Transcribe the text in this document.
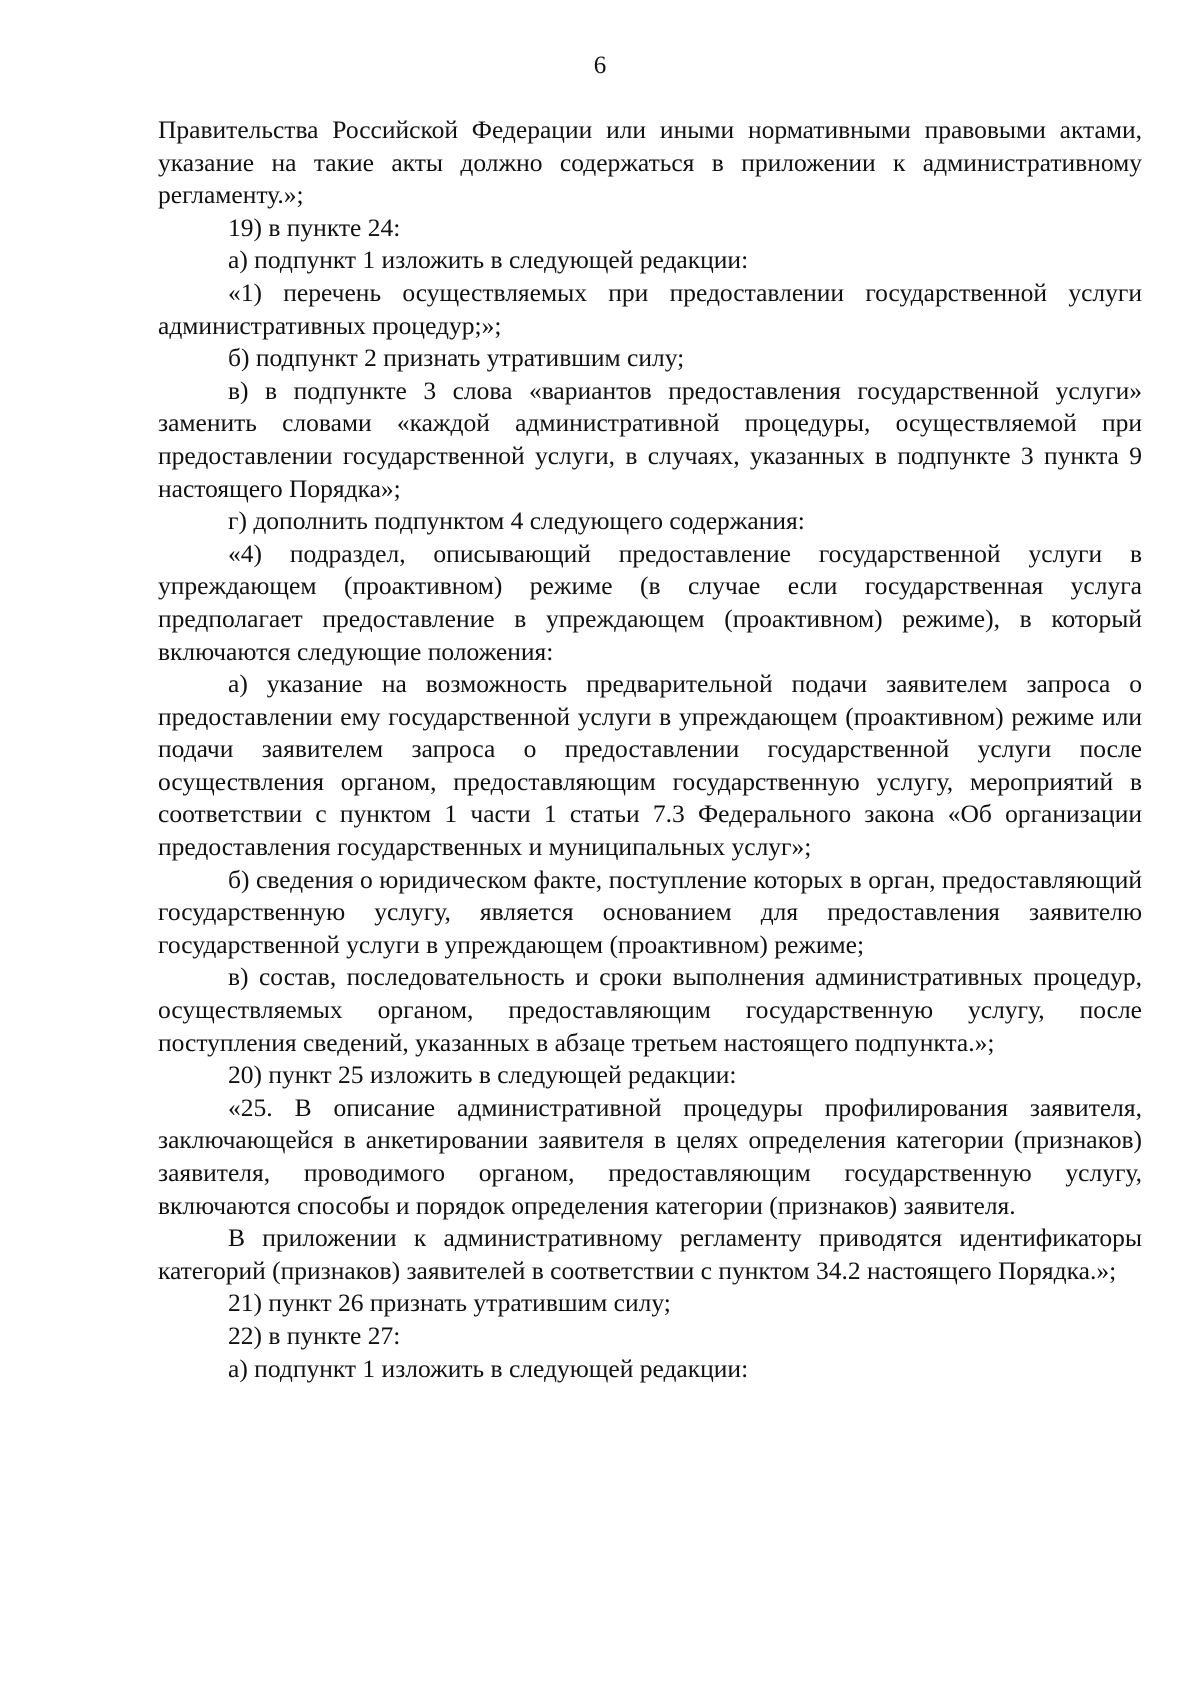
6

Правительства Российской Федерации или иными нормативными правовыми актами, указание на такие акты должно содержаться в приложении к административному регламенту.»;

19) в пункте 24:

а) подпункт 1 изложить в следующей редакции:

«1) перечень осуществляемых при предоставлении государственной услуги административных процедур;»;

б) подпункт 2 признать утратившим силу;

в) в подпункте 3 слова «вариантов предоставления государственной услуги» заменить словами «каждой административной процедуры, осуществляемой при предоставлении государственной услуги, в случаях, указанных в подпункте 3 пункта 9 настоящего Порядка»;

г) дополнить подпунктом 4 следующего содержания:

«4) подраздел, описывающий предоставление государственной услуги в упреждающем (проактивном) режиме (в случае если государственная услуга предполагает предоставление в упреждающем (проактивном) режиме), в который включаются следующие положения:

а) указание на возможность предварительной подачи заявителем запроса о предоставлении ему государственной услуги в упреждающем (проактивном) режиме или подачи заявителем запроса о предоставлении государственной услуги после осуществления органом, предоставляющим государственную услугу, мероприятий в соответствии с пунктом 1 части 1 статьи 7.3 Федерального закона «Об организации предоставления государственных и муниципальных услуг»;

б) сведения о юридическом факте, поступление которых в орган, предоставляющий государственную услугу, является основанием для предоставления заявителю государственной услуги в упреждающем (проактивном) режиме;

в) состав, последовательность и сроки выполнения административных процедур, осуществляемых органом, предоставляющим государственную услугу, после поступления сведений, указанных в абзаце третьем настоящего подпункта.»;

20) пункт 25 изложить в следующей редакции:

«25. В описание административной процедуры профилирования заявителя, заключающейся в анкетировании заявителя в целях определения категории (признаков) заявителя, проводимого органом, предоставляющим государственную услугу, включаются способы и порядок определения категории (признаков) заявителя.

В приложении к административному регламенту приводятся идентификаторы категорий (признаков) заявителей в соответствии с пунктом 34.2 настоящего Порядка.»;

21) пункт 26 признать утратившим силу;

22) в пункте 27:

а) подпункт 1 изложить в следующей редакции:
